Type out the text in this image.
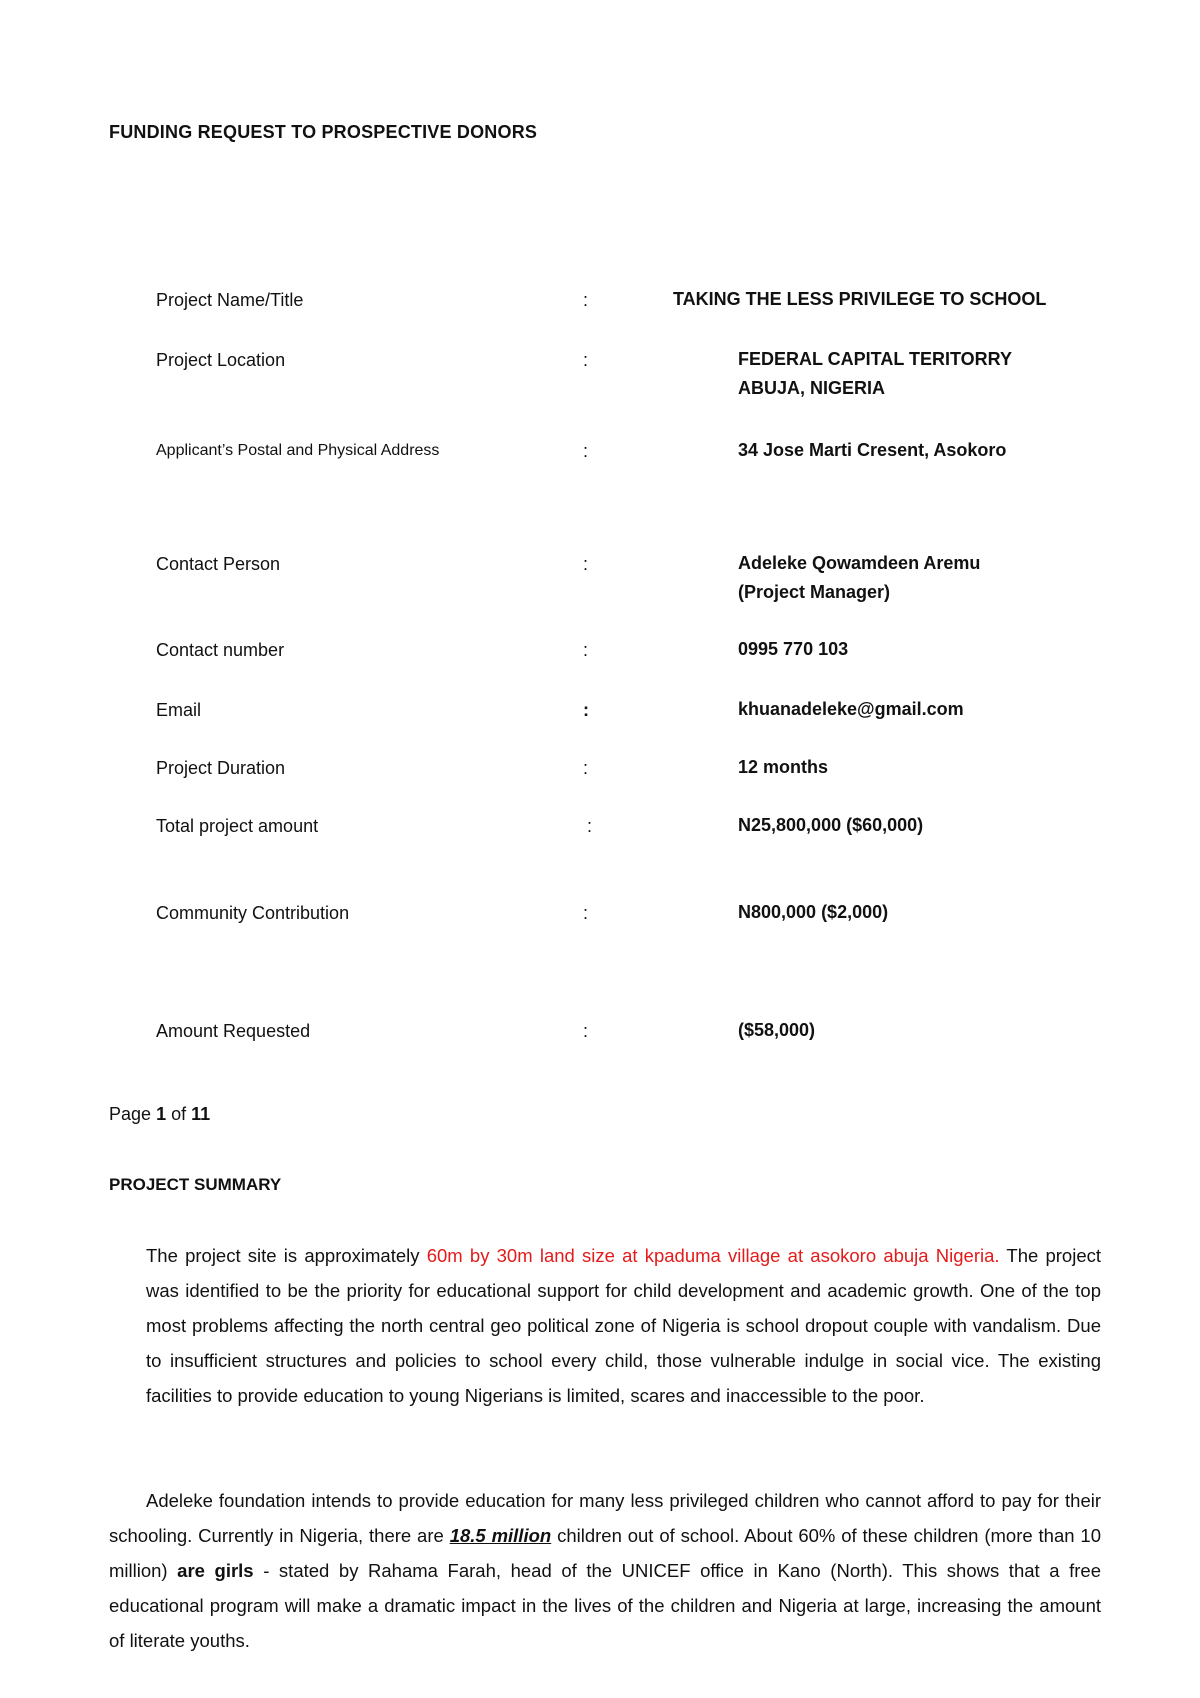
FUNDING REQUEST TO PROSPECTIVE DONORS
Project Name/Title	:	TAKING THE LESS PRIVILEGE TO SCHOOL
Project Location	:	FEDERAL CAPITAL TERITORRY
ABUJA, NIGERIA
Applicant’s Postal and Physical Address	:	34 Jose Marti Cresent, Asokoro
Contact Person	:	Adeleke Qowamdeen Aremu
(Project Manager)
Contact number	:	0995 770 103
Email	:	khuanadeleke@gmail.com
Project Duration	:	12 months
Total project amount	:	N25,800,000 ($60,000)
Community Contribution	:	N800,000 ($2,000)
Amount Requested	:	($58,000)
Page 1 of 11
PROJECT SUMMARY
The project site is approximately 60m by 30m land size at kpaduma village at asokoro abuja Nigeria. The project was identified to be the priority for educational support for child development and academic growth. One of the top most problems affecting the north central geo political zone of Nigeria is school dropout couple with vandalism. Due to insufficient structures and policies to school every child, those vulnerable indulge in social vice. The existing facilities to provide education to young Nigerians is limited, scares and inaccessible to the poor.
Adeleke foundation intends to provide education for many less privileged children who cannot afford to pay for their schooling. Currently in Nigeria, there are 18.5 million children out of school. About 60% of these children (more than 10 million) are girls - stated by Rahama Farah, head of the UNICEF office in Kano (North). This shows that a free educational program will make a dramatic impact in the lives of the children and Nigeria at large, increasing the amount of literate youths.
